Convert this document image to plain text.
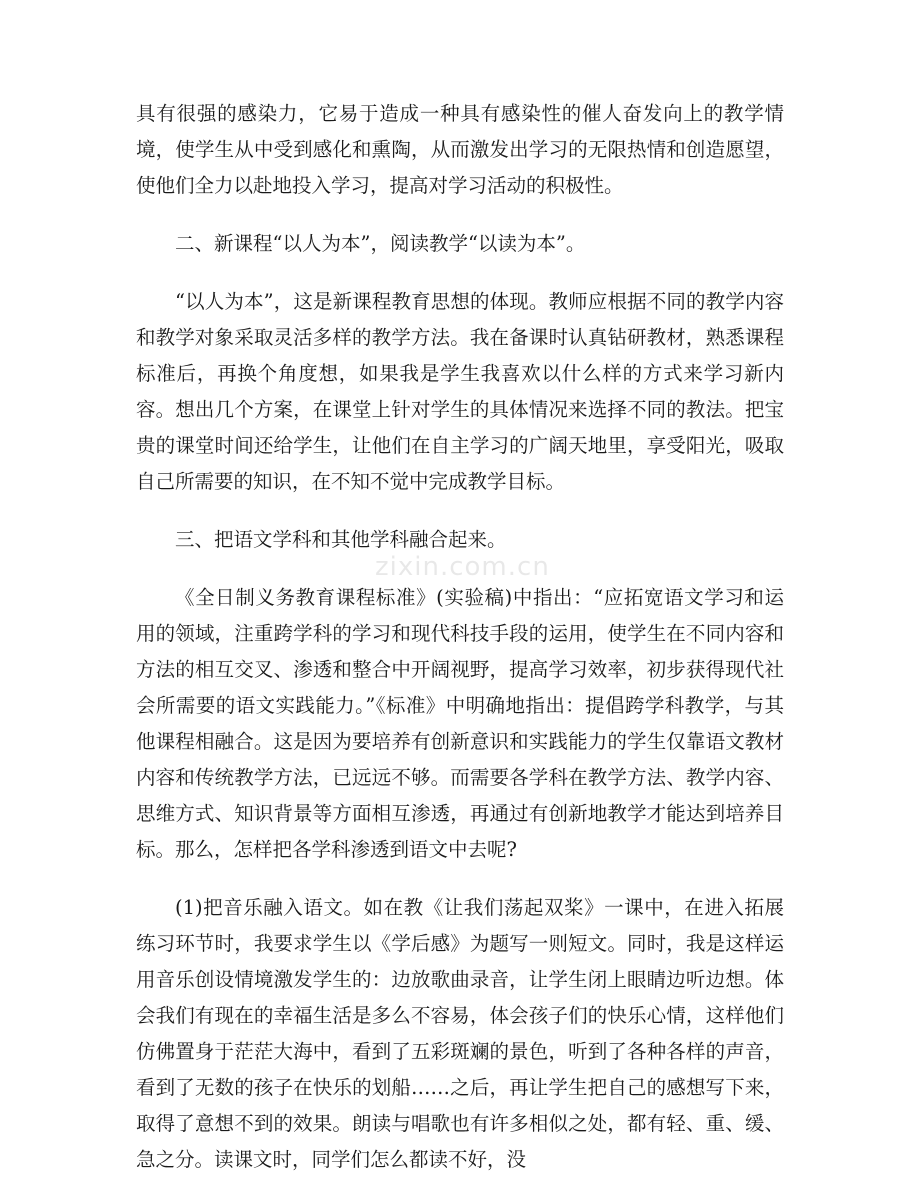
具有很强的感染力，它易于造成一种具有感染性的催人奋发向上的教学情境，使学生从中受到感化和熏陶，从而激发出学习的无限热情和创造愿望，使他们全力以赴地投入学习，提高对学习活动的积极性。

二、新课程“以人为本”，阅读教学“以读为本”。

“以人为本”，这是新课程教育思想的体现。教师应根据不同的教学内容和教学对象采取灵活多样的教学方法。我在备课时认真钻研教材，熟悉课程标准后，再换个角度想，如果我是学生我喜欢以什么样的方式来学习新内容。想出几个方案，在课堂上针对学生的具体情况来选择不同的教法。把宝贵的课堂时间还给学生，让他们在自主学习的广阔天地里，享受阳光，吸取自己所需要的知识，在不知不觉中完成教学目标。

三、把语文学科和其他学科融合起来。

《全日制义务教育课程标准》(实验稿)中指出：“应拓宽语文学习和运用的领域，注重跨学科的学习和现代科技手段的运用，使学生在不同内容和方法的相互交叉、渗透和整合中开阔视野，提高学习效率，初步获得现代社会所需要的语文实践能力。”《标准》中明确地指出：提倡跨学科教学，与其他课程相融合。这是因为要培养有创新意识和实践能力的学生仅靠语文教材内容和传统教学方法，已远远不够。而需要各学科在教学方法、教学内容、思维方式、知识背景等方面相互渗透，再通过有创新地教学才能达到培养目标。那么，怎样把各学科渗透到语文中去呢?

(1)把音乐融入语文。如在教《让我们荡起双桨》一课中，在进入拓展练习环节时，我要求学生以《学后感》为题写一则短文。同时，我是这样运用音乐创设情境激发学生的：边放歌曲录音，让学生闭上眼睛边听边想。体会我们有现在的幸福生活是多么不容易，体会孩子们的快乐心情，这样他们仿佛置身于茫茫大海中，看到了五彩斑斓的景色，听到了各种各样的声音，看到了无数的孩子在快乐的划船……之后，再让学生把自己的感想写下来，取得了意想不到的效果。朗读与唱歌也有许多相似之处，都有轻、重、缓、急之分。读课文时，同学们怎么都读不好，没

zixin.com.cn
